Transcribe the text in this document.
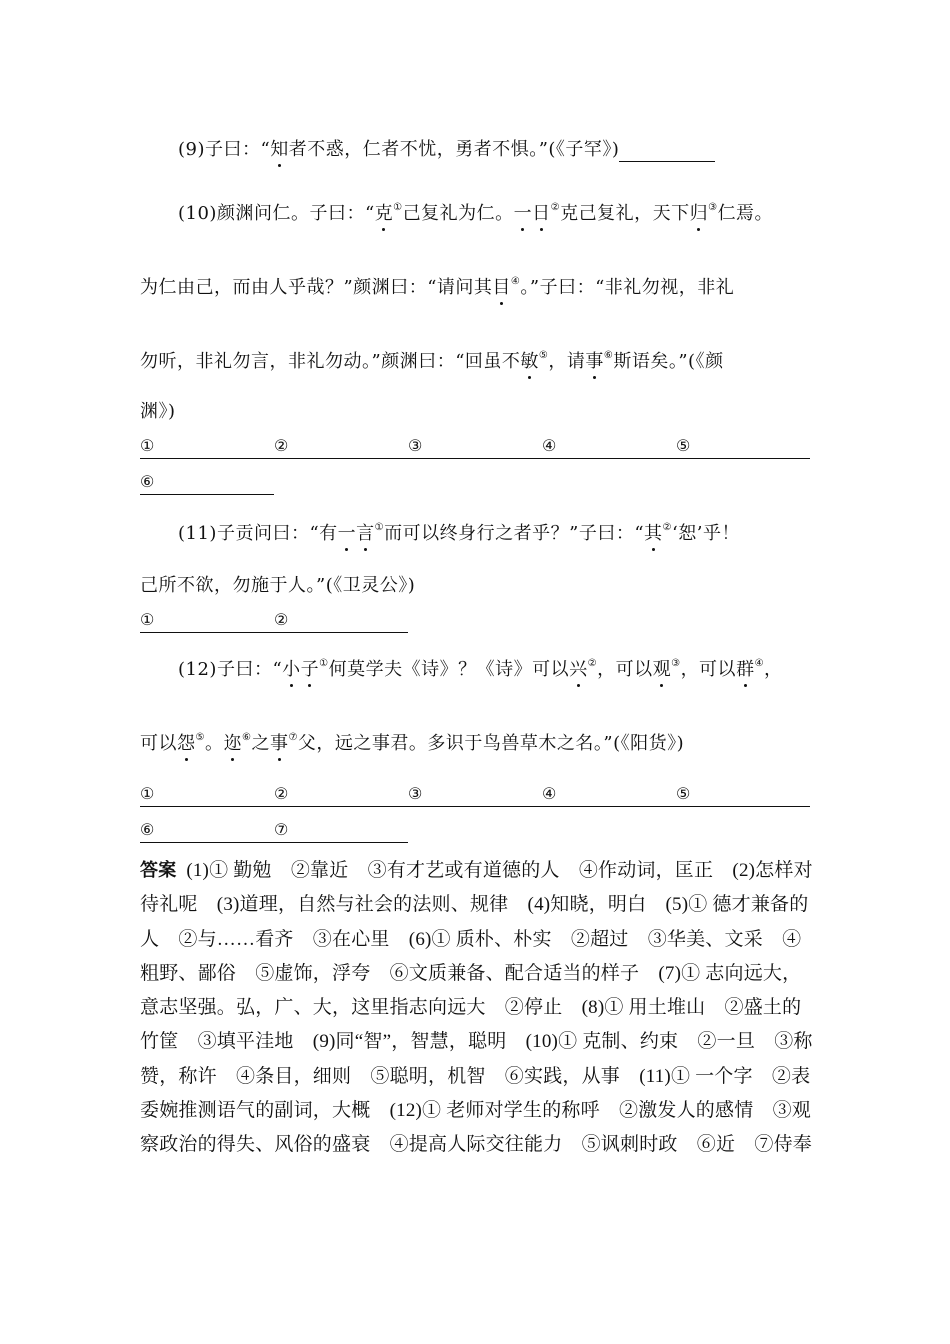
(9)子曰：“知者不惑，仁者不忧，勇者不惧。”(《子罕》)
(10)颜渊问仁。子曰：“克①己复礼为仁。一日②克己复礼，天下归③仁焉。
为仁由己，而由人乎哉？”颜渊曰：“请问其目④。”子曰：“非礼勿视，非礼
勿听，非礼勿言，非礼勿动。”颜渊曰：“回虽不敏⑤，请事⑥斯语矣。”(《颜
渊》)
①	②	③	④	⑤
⑥
(11)子贡问曰：“有一言①而可以终身行之者乎？”子曰：“其②‘恕’乎！
己所不欲，勿施于人。”(《卫灵公》)
①	②
(12)子曰：“小子①何莫学夫《诗》？《诗》可以兴②，可以观③，可以群④，
可以怨⑤。迩⑥之事⑦父，远之事君。多识于鸟兽草木之名。”(《阳货》)
①	②	③	④	⑤
⑥	⑦
答案 (1)① 勤勉　②靠近　③有才艺或有道德的人　④作动词，匡正　(2)怎样对待礼呢　(3)道理，自然与社会的法则、规律　(4)知晓，明白　(5)① 德才兼备的人　②与……看齐　③在心里　(6)① 质朴、朴实　②超过　③华美、文采　④粗野、鄙俗　⑤虚饰，浮夸　⑥文质兼备、配合适当的样子　(7)① 志向远大，意志坚强。弘，广、大，这里指志向远大　②停止　(8)① 用土堆山　②盛土的竹筐　③填平洼地　(9)同“智”，智慧，聪明　(10)① 克制、约束　②一旦　③称赞，称许　④条目，细则　⑤聪明，机智　⑥实践，从事　(11)① 一个字　②表委婉推测语气的副词，大概　(12)① 老师对学生的称呼　②激发人的感情　③观察政治的得失、风俗的盛衰　④提高人际交往能力　⑤讽刺时政　⑥近　⑦侍奉
